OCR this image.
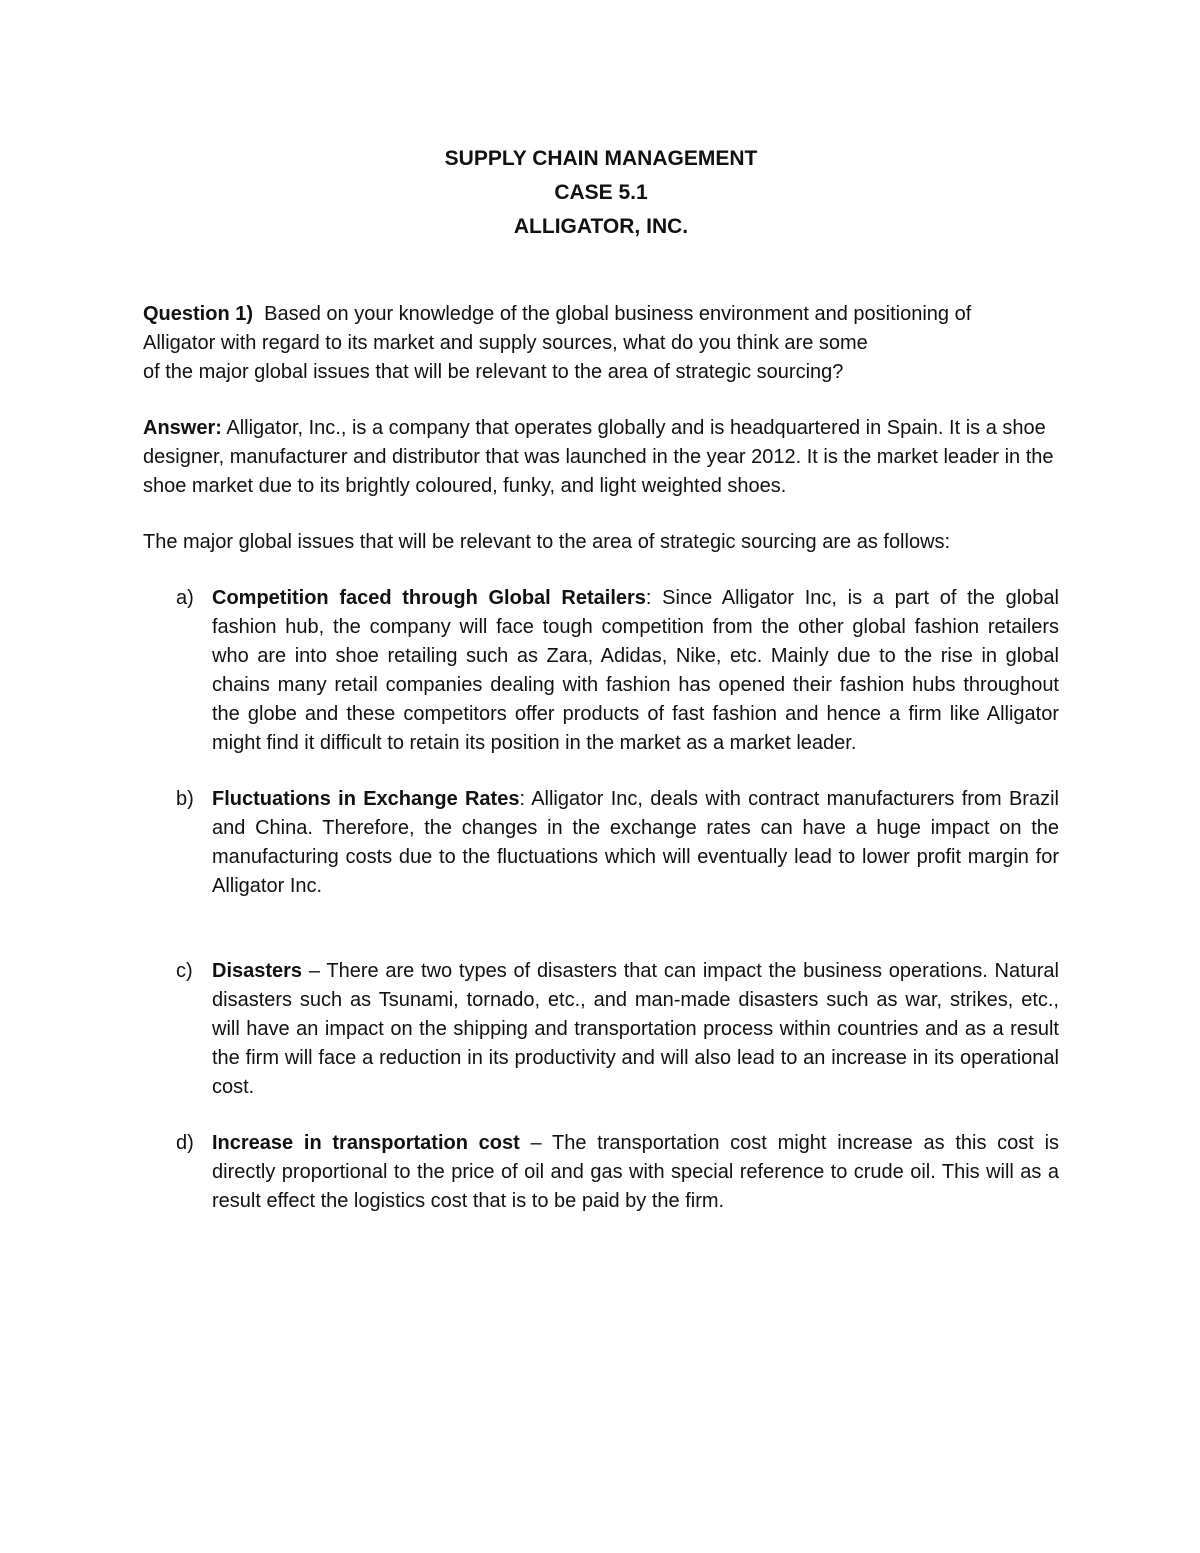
SUPPLY CHAIN MANAGEMENT
CASE 5.1
ALLIGATOR, INC.
Question 1) Based on your knowledge of the global business environment and positioning of
Alligator with regard to its market and supply sources, what do you think are some
of the major global issues that will be relevant to the area of strategic sourcing?
Answer: Alligator, Inc., is a company that operates globally and is headquartered in Spain. It is a shoe designer, manufacturer and distributor that was launched in the year 2012. It is the market leader in the shoe market due to its brightly coloured, funky, and light weighted shoes.
The major global issues that will be relevant to the area of strategic sourcing are as follows:
a) Competition faced through Global Retailers: Since Alligator Inc, is a part of the global fashion hub, the company will face tough competition from the other global fashion retailers who are into shoe retailing such as Zara, Adidas, Nike, etc. Mainly due to the rise in global chains many retail companies dealing with fashion has opened their fashion hubs throughout the globe and these competitors offer products of fast fashion and hence a firm like Alligator might find it difficult to retain its position in the market as a market leader.
b) Fluctuations in Exchange Rates: Alligator Inc, deals with contract manufacturers from Brazil and China. Therefore, the changes in the exchange rates can have a huge impact on the manufacturing costs due to the fluctuations which will eventually lead to lower profit margin for Alligator Inc.
c) Disasters – There are two types of disasters that can impact the business operations. Natural disasters such as Tsunami, tornado, etc., and man-made disasters such as war, strikes, etc., will have an impact on the shipping and transportation process within countries and as a result the firm will face a reduction in its productivity and will also lead to an increase in its operational cost.
d) Increase in transportation cost – The transportation cost might increase as this cost is directly proportional to the price of oil and gas with special reference to crude oil. This will as a result effect the logistics cost that is to be paid by the firm.
